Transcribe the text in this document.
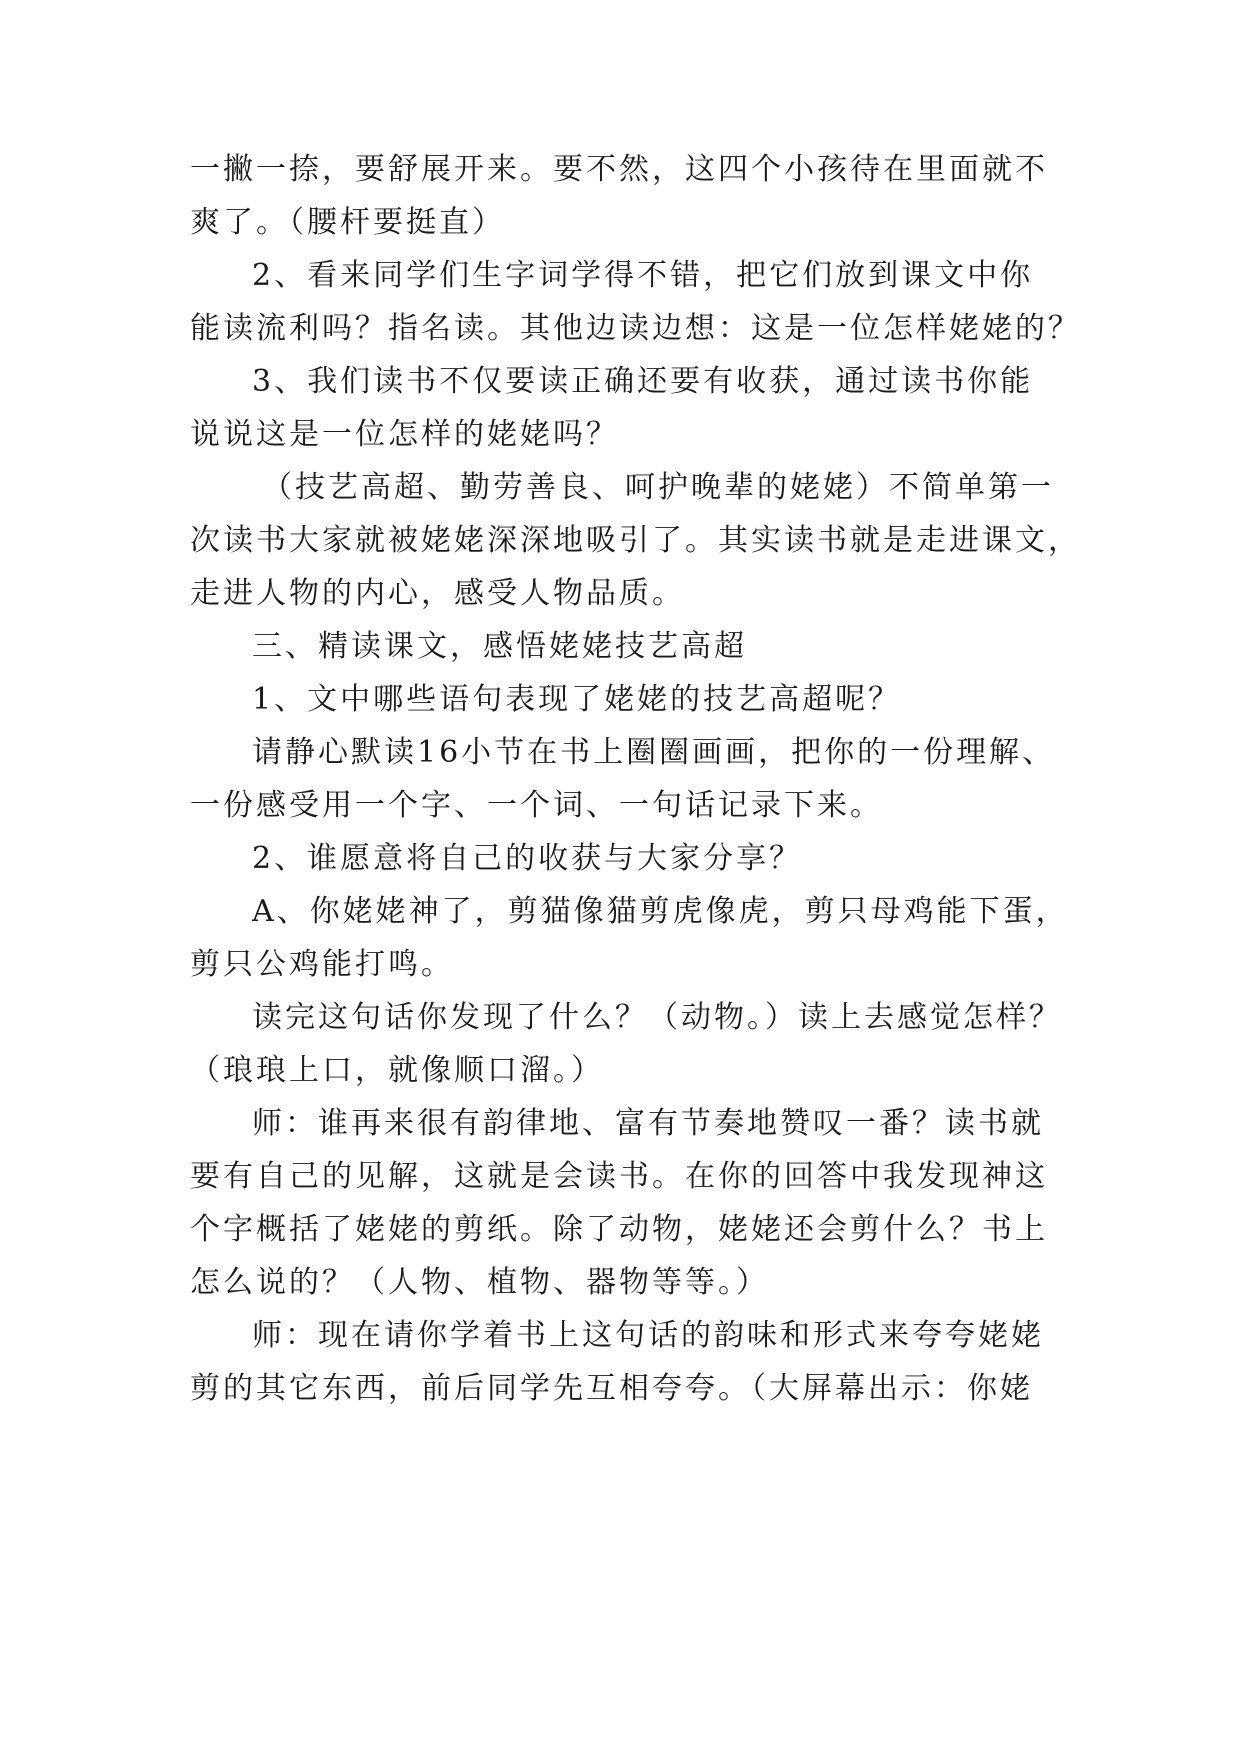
一撇一捺，要舒展开来。要不然，这四个小孩待在里面就不
爽了。（腰杆要挺直）
2、看来同学们生字词学得不错，把它们放到课文中你
能读流利吗？指名读。其他边读边想：这是一位怎样姥姥的？
3、我们读书不仅要读正确还要有收获，通过读书你能
说说这是一位怎样的姥姥吗？
（技艺高超、勤劳善良、呵护晚辈的姥姥）不简单第一
次读书大家就被姥姥深深地吸引了。其实读书就是走进课文，
走进人物的内心，感受人物品质。
三、精读课文，感悟姥姥技艺高超
1、文中哪些语句表现了姥姥的技艺高超呢？
请静心默读16小节在书上圈圈画画，把你的一份理解、
一份感受用一个字、一个词、一句话记录下来。
2、谁愿意将自己的收获与大家分享？
A、你姥姥神了，剪猫像猫剪虎像虎，剪只母鸡能下蛋，
剪只公鸡能打鸣。
读完这句话你发现了什么？（动物。）读上去感觉怎样？
（琅琅上口，就像顺口溜。）
师：谁再来很有韵律地、富有节奏地赞叹一番？读书就
要有自己的见解，这就是会读书。在你的回答中我发现神这
个字概括了姥姥的剪纸。除了动物，姥姥还会剪什么？书上
怎么说的？（人物、植物、器物等等。）
师：现在请你学着书上这句话的韵味和形式来夸夸姥姥
剪的其它东西，前后同学先互相夸夸。（大屏幕出示：你姥
